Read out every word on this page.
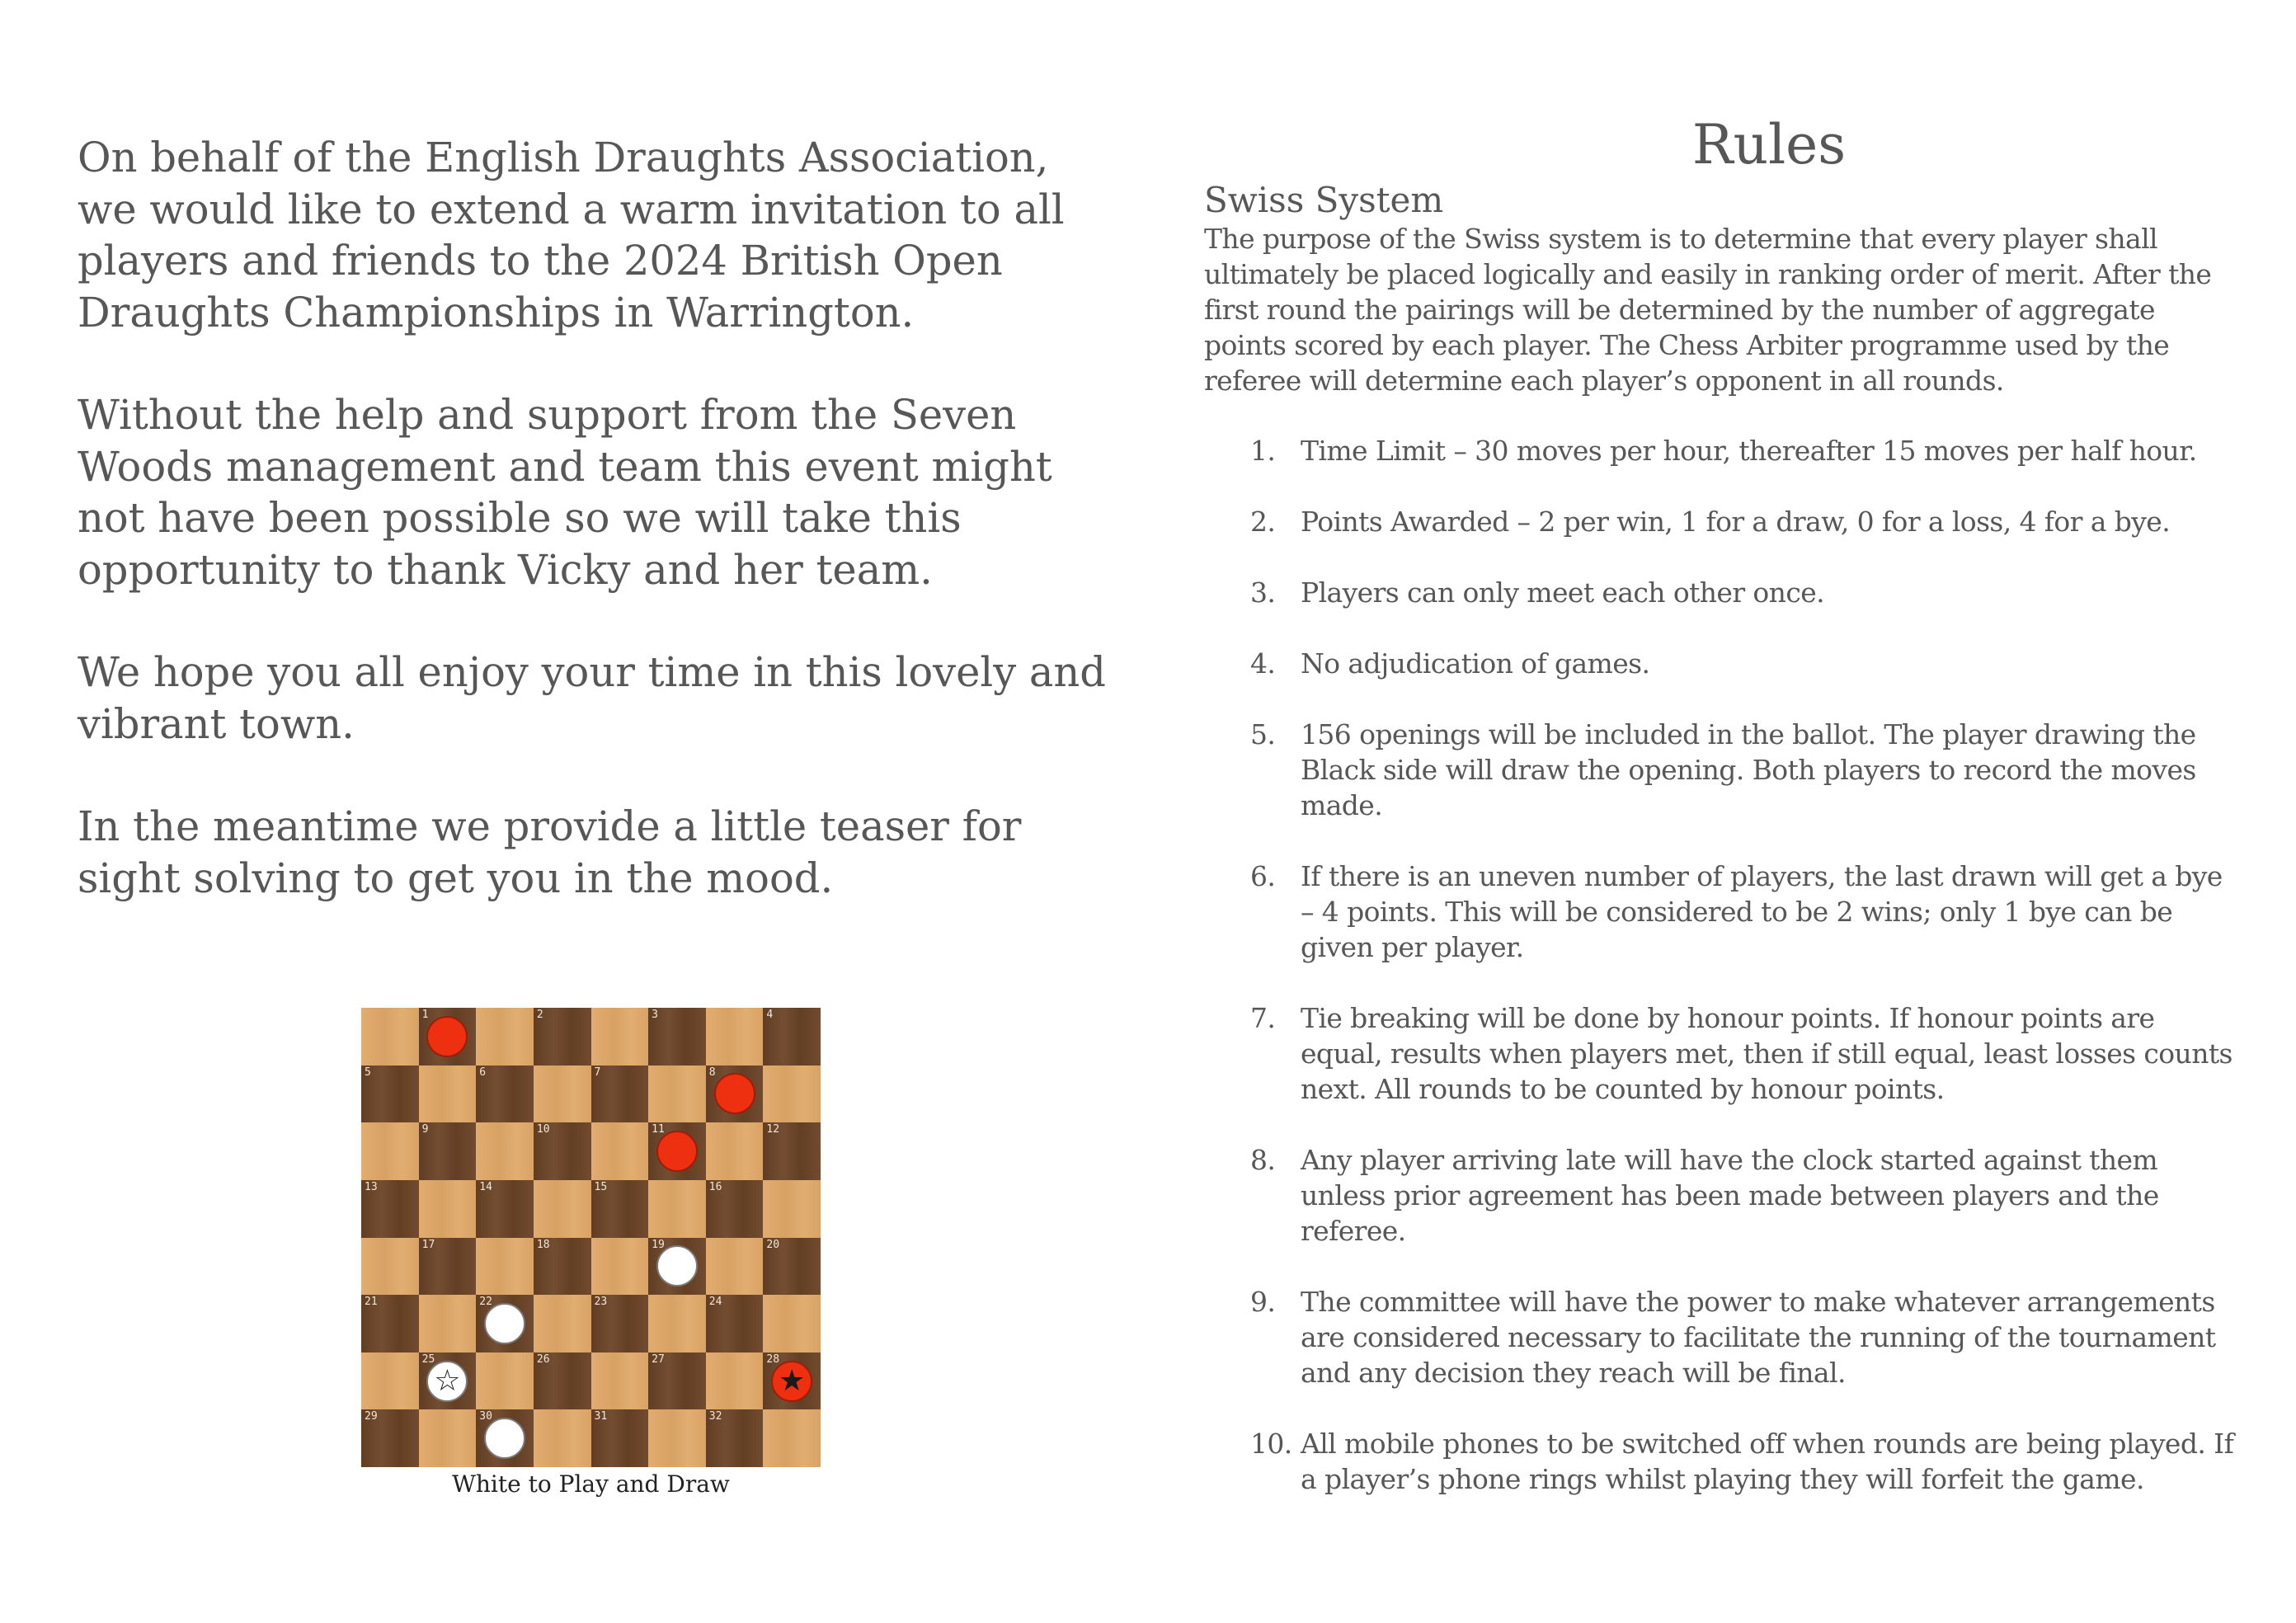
On behalf of the English Draughts Association, we would like to extend a warm invitation to all players and friends to the 2024 British Open Draughts Championships in Warrington.

Without the help and support from the Seven Woods management and team this event might not have been possible so we will take this opportunity to thank Vicky and her team.

We hope you all enjoy your time in this lovely and vibrant town.

In the meantime we provide a little teaser for sight solving to get you in the mood.

1	2	3	4
5	6	7	8
9	10	11	12
13	14	15	16
17	18	19	20
21	22	23	24
25
☆
26	27	28
★
29	30	31	32
White to Play and Draw
Rules
Swiss System

The purpose of the Swiss system is to determine that every player shall ultimately be placed logically and easily in ranking order of merit. After the first round the pairings will be determined by the number of aggregate points scored by each player. The Chess Arbiter programme used by the referee will determine each player’s opponent in all rounds.

1. Time Limit – 30 moves per hour, thereafter 15 moves per half hour.
2. Points Awarded – 2 per win, 1 for a draw, 0 for a loss, 4 for a bye.
3. Players can only meet each other once.
4. No adjudication of games.
5. 156 openings will be included in the ballot. The player drawing the Black side will draw the opening. Both players to record the moves made.
6. If there is an uneven number of players, the last drawn will get a bye – 4 points. This will be considered to be 2 wins; only 1 bye can be given per player.
7. Tie breaking will be done by honour points. If honour points are equal, results when players met, then if still equal, least losses counts next. All rounds to be counted by honour points.
8. Any player arriving late will have the clock started against them unless prior agreement has been made between players and the referee.
9. The committee will have the power to make whatever arrangements are considered necessary to facilitate the running of the tournament and any decision they reach will be final.
10. All mobile phones to be switched off when rounds are being played. If a player’s phone rings whilst playing they will forfeit the game.
